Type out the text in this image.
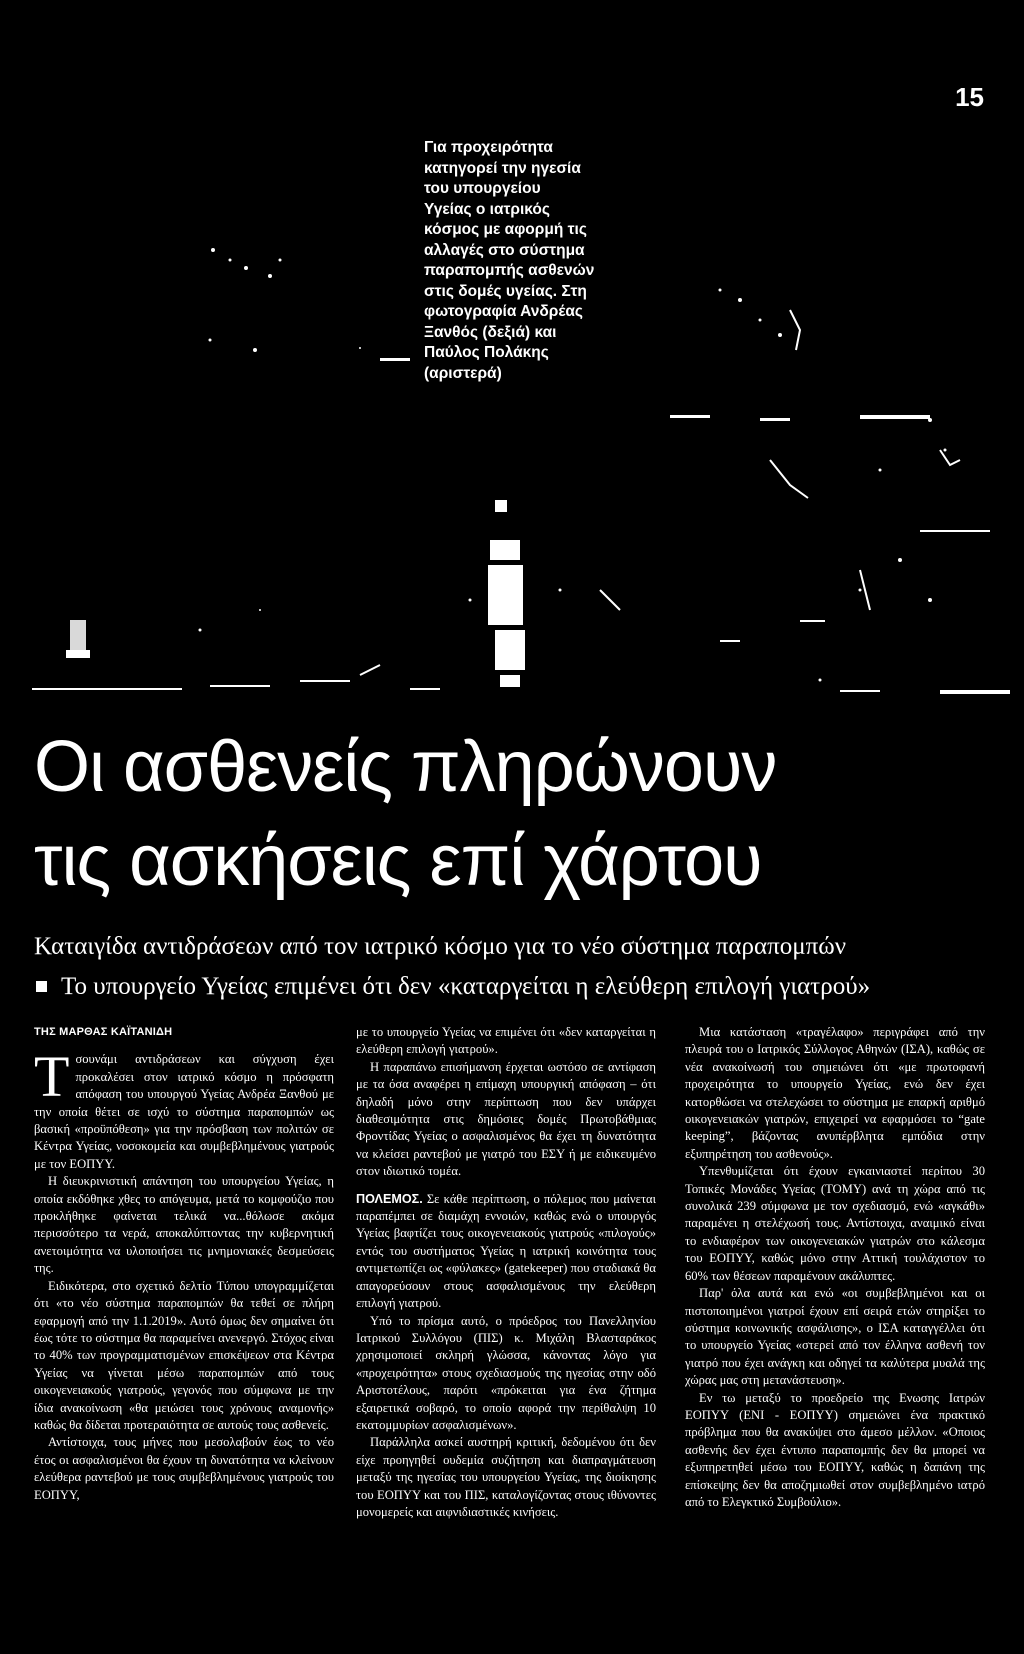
15

Για προχειρότητα

κατηγορεί την ηγεσία

του υπουργείου

Υγείας ο ιατρικός

κόσμος με αφορμή τις

αλλαγές στο σύστημα

παραπομπής ασθενών

στις δομές υγείας. Στη

φωτογραφία Ανδρέας

Ξανθός (δεξιά) και

Παύλος Πολάκης

(αριστερά)

Οι ασθενείς πληρώνουν
τις ασκήσεις επί χάρτου
Καταιγίδα αντιδράσεων από τον ιατρικό κόσμο για το νέο σύστημα παραπομπών
Το υπουργείο Υγείας επιμένει ότι δεν «καταργείται η ελεύθερη επιλογή γιατρού»
ΤΗΣ ΜΑΡΘΑΣ ΚΑΪΤΑΝΙΔΗ

Τσουνάμι αντιδράσεων και σύγχυση έχει προκαλέσει στον ιατρικό κόσμο η πρόσφατη απόφαση του υπουργού Υγείας Ανδρέα Ξανθού με την οποία θέτει σε ισχύ το σύστημα παραπομπών ως βασική «προϋπόθεση» για την πρόσβαση των πολιτών σε Κέντρα Υγείας, νοσοκομεία και συμβεβλημένους γιατρούς με τον ΕΟΠΥΥ.

Η διευκρινιστική απάντηση του υπουργείου Υγείας, η οποία εκδόθηκε χθες το απόγευμα, μετά το κομφούζιο που προκλήθηκε φαίνεται τελικά να...θόλωσε ακόμα περισσότερο τα νερά, αποκαλύπτοντας την κυβερνητική ανετοιμότητα να υλοποιήσει τις μνημονιακές δεσμεύσεις της.

Ειδικότερα, στο σχετικό δελτίο Τύπου υπογραμμίζεται ότι «το νέο σύστημα παραπομπών θα τεθεί σε πλήρη εφαρμογή από την 1.1.2019». Αυτό όμως δεν σημαίνει ότι έως τότε το σύστημα θα παραμείνει ανενεργό. Στόχος είναι το 40% των προγραμματισμένων επισκέψεων στα Κέντρα Υγείας να γίνεται μέσω παραπομπών από τους οικογενειακούς γιατρούς, γεγονός που σύμφωνα με την ίδια ανακοίνωση «θα μειώσει τους χρόνους αναμονής» καθώς θα δίδεται προτεραιότητα σε αυτούς τους ασθενείς.

Αντίστοιχα, τους μήνες που μεσολαβούν έως το νέο έτος οι ασφαλισμένοι θα έχουν τη δυνατότητα να κλείνουν ελεύθερα ραντεβού με τους συμβεβλημένους γιατρούς του ΕΟΠΥΥ,

με το υπουργείο Υγείας να επιμένει ότι «δεν καταργείται η ελεύθερη επιλογή γιατρού».

Η παραπάνω επισήμανση έρχεται ωστόσο σε αντίφαση με τα όσα αναφέρει η επίμαχη υπουργική απόφαση – ότι δηλαδή μόνο στην περίπτωση που δεν υπάρχει διαθεσιμότητα στις δημόσιες δομές Πρωτοβάθμιας Φροντίδας Υγείας ο ασφαλισμένος θα έχει τη δυνατότητα να κλείσει ραντεβού με γιατρό του ΕΣΥ ή με ειδικευμένο στον ιδιωτικό τομέα.

ΠΟΛΕΜΟΣ. Σε κάθε περίπτωση, ο πόλεμος που μαίνεται παραπέμπει σε διαμάχη εννοιών, καθώς ενώ ο υπουργός Υγείας βαφτίζει τους οικογενειακούς γιατρούς «πιλογούς» εντός του συστήματος Υγείας η ιατρική κοινότητα τους αντιμετωπίζει ως «φύλακες» (gatekeeper) που σταδιακά θα απαγορεύσουν στους ασφαλισμένους την ελεύθερη επιλογή γιατρού.

Υπό το πρίσμα αυτό, ο πρόεδρος του Πανελληνίου Ιατρικού Συλλόγου (ΠΙΣ) κ. Μιχάλη Βλασταράκος χρησιμοποιεί σκληρή γλώσσα, κάνοντας λόγο για «προχειρότητα» στους σχεδιασμούς της ηγεσίας στην οδό Αριστοτέλους, παρότι «πρόκειται για ένα ζήτημα εξαιρετικά σοβαρό, το οποίο αφορά την περίθαλψη 10 εκατομμυρίων ασφαλισμένων».

Παράλληλα ασκεί αυστηρή κριτική, δεδομένου ότι δεν είχε προηγηθεί ουδεμία συζήτηση και διαπραγμάτευση μεταξύ της ηγεσίας του υπουργείου Υγείας, της διοίκησης του ΕΟΠΥΥ και του ΠΙΣ, καταλογίζοντας στους ιθύνοντες μονομερείς και αιφνιδιαστικές κινήσεις.

Μια κατάσταση «τραγέλαφο» περιγράφει από την πλευρά του ο Ιατρικός Σύλλογος Αθηνών (ΙΣΑ), καθώς σε νέα ανακοίνωσή του σημειώνει ότι «με πρωτοφανή προχειρότητα το υπουργείο Υγείας, ενώ δεν έχει κατορθώσει να στελεχώσει το σύστημα με επαρκή αριθμό οικογενειακών γιατρών, επιχειρεί να εφαρμόσει το “gate keeping”, βάζοντας ανυπέρβλητα εμπόδια στην εξυπηρέτηση του ασθενούς».

Υπενθυμίζεται ότι έχουν εγκαινιαστεί περίπου 30 Τοπικές Μονάδες Υγείας (ΤΟΜΥ) ανά τη χώρα από τις συνολικά 239 σύμφωνα με τον σχεδιασμό, ενώ «αγκάθι» παραμένει η στελέχωσή τους. Αντίστοιχα, αναιμικό είναι το ενδιαφέρον των οικογενειακών γιατρών στο κάλεσμα του ΕΟΠΥΥ, καθώς μόνο στην Αττική τουλάχιστον το 60% των θέσεων παραμένουν ακάλυπτες.

Παρ' όλα αυτά και ενώ «οι συμβεβλημένοι και οι πιστοποιημένοι γιατροί έχουν επί σειρά ετών στηρίξει το σύστημα κοινωνικής ασφάλισης», ο ΙΣΑ καταγγέλλει ότι το υπουργείο Υγείας «στερεί από τον έλληνα ασθενή τον γιατρό που έχει ανάγκη και οδηγεί τα καλύτερα μυαλά της χώρας μας στη μετανάστευση».

Εν τω μεταξύ το προεδρείο της Ενωσης Ιατρών ΕΟΠΥΥ (ΕΝΙ - ΕΟΠΥΥ) σημειώνει ένα πρακτικό πρόβλημα που θα ανακύψει στο άμεσο μέλλον. «Οποιος ασθενής δεν έχει έντυπο παραπομπής δεν θα μπορεί να εξυπηρετηθεί μέσω του ΕΟΠΥΥ, καθώς η δαπάνη της επίσκεψης δεν θα αποζημιωθεί στον συμβεβλημένο ιατρό από το Ελεγκτικό Συμβούλιο».
